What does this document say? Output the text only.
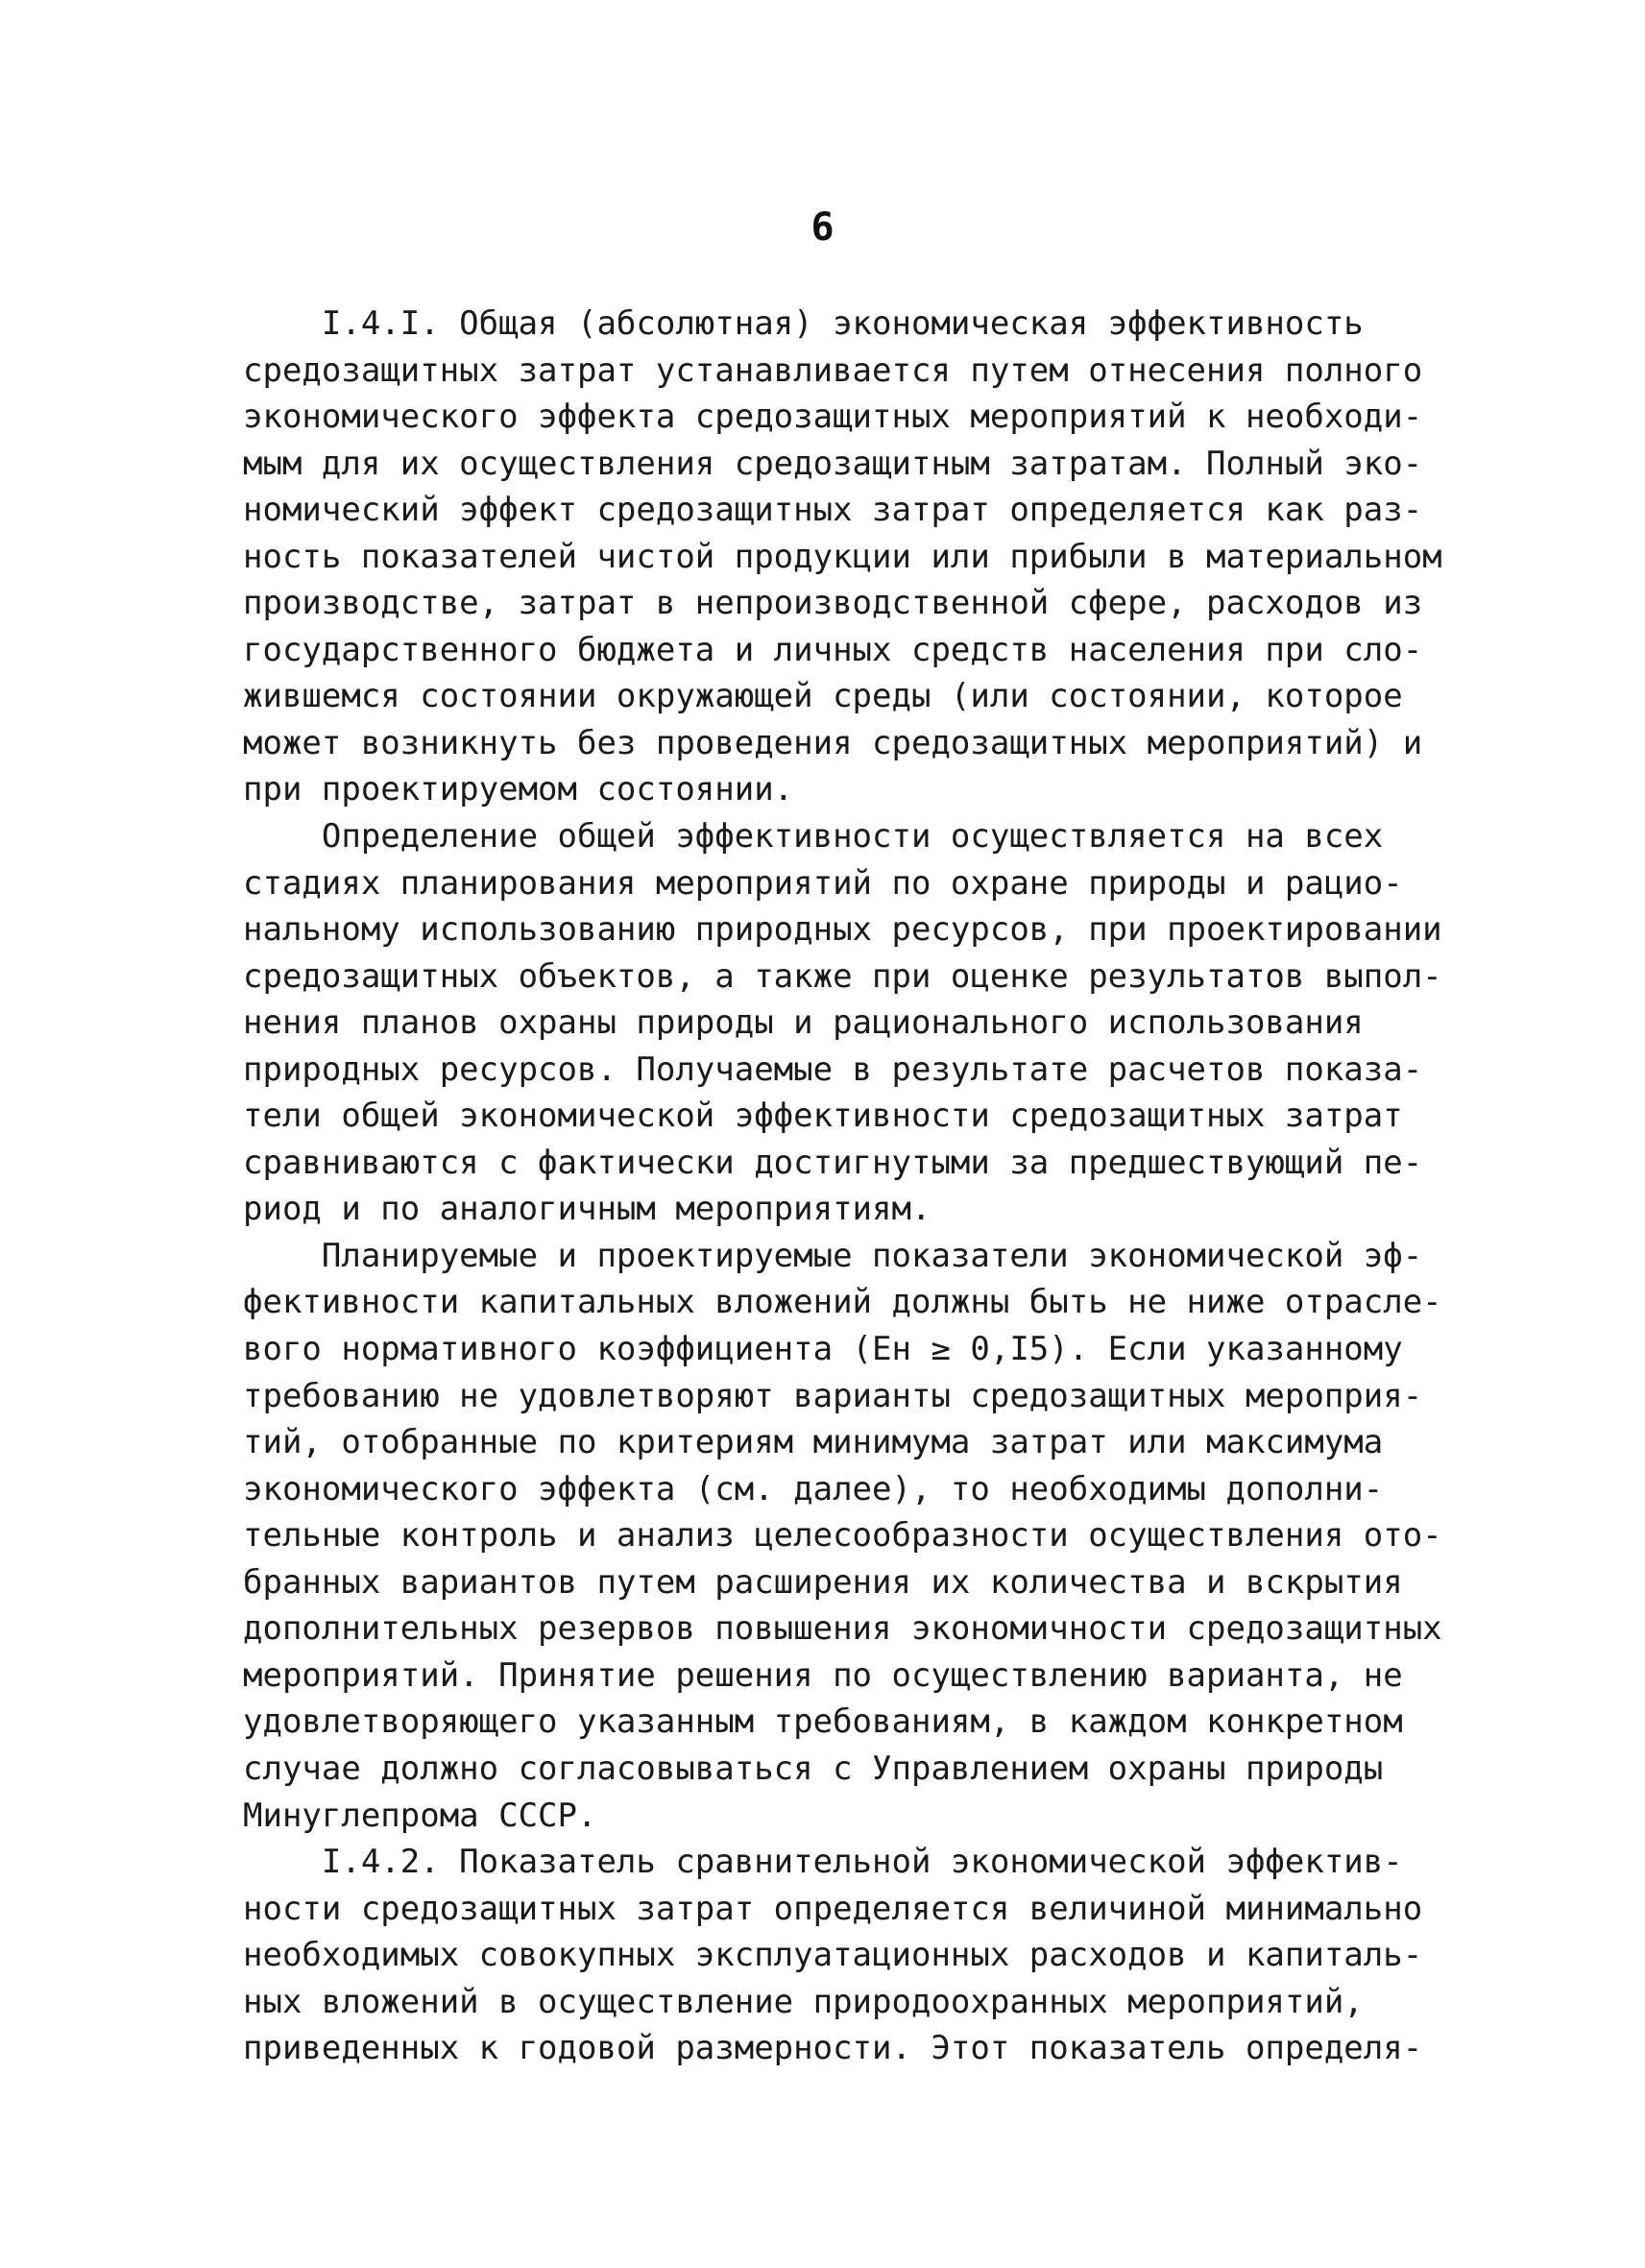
6
I.4.I. Общая (абсолютная) экономическая эффективность
средозащитных затрат устанавливается путем отнесения полного
экономического эффекта средозащитных мероприятий к необходи-
мым для их осуществления средозащитным затратам. Полный эко-
номический эффект средозащитных затрат определяется как раз-
ность показателей чистой продукции или прибыли в материальном
производстве, затрат в непроизводственной сфере, расходов из
государственного бюджета и личных средств населения при сло-
жившемся состоянии окружающей среды (или состоянии, которое
может возникнуть без проведения средозащитных мероприятий) и
при проектируемом состоянии.
Определение общей эффективности осуществляется на всех
стадиях планирования мероприятий по охране природы и рацио-
нальному использованию природных ресурсов, при проектировании
средозащитных объектов, а также при оценке результатов выпол-
нения планов охраны природы и рационального использования
природных ресурсов. Получаемые в результате расчетов показа-
тели общей экономической эффективности средозащитных затрат
сравниваются с фактически достигнутыми за предшествующий пе-
риод и по аналогичным мероприятиям.
Планируемые и проектируемые показатели экономической эф-
фективности капитальных вложений должны быть не ниже отрасле-
вого нормативного коэффициента (Ен ≥ 0,I5). Если указанному
требованию не удовлетворяют варианты средозащитных мероприя-
тий, отобранные по критериям минимума затрат или максимума
экономического эффекта (см. далее), то необходимы дополни-
тельные контроль и анализ целесообразности осуществления ото-
бранных вариантов путем расширения их количества и вскрытия
дополнительных резервов повышения экономичности средозащитных
мероприятий. Принятие решения по осуществлению варианта, не
удовлетворяющего указанным требованиям, в каждом конкретном
случае должно согласовываться с Управлением охраны природы
Минуглепрома СССР.
I.4.2. Показатель сравнительной экономической эффектив-
ности средозащитных затрат определяется величиной минимально
необходимых совокупных эксплуатационных расходов и капиталь-
ных вложений в осуществление природоохранных мероприятий,
приведенных к годовой размерности. Этот показатель определя-
